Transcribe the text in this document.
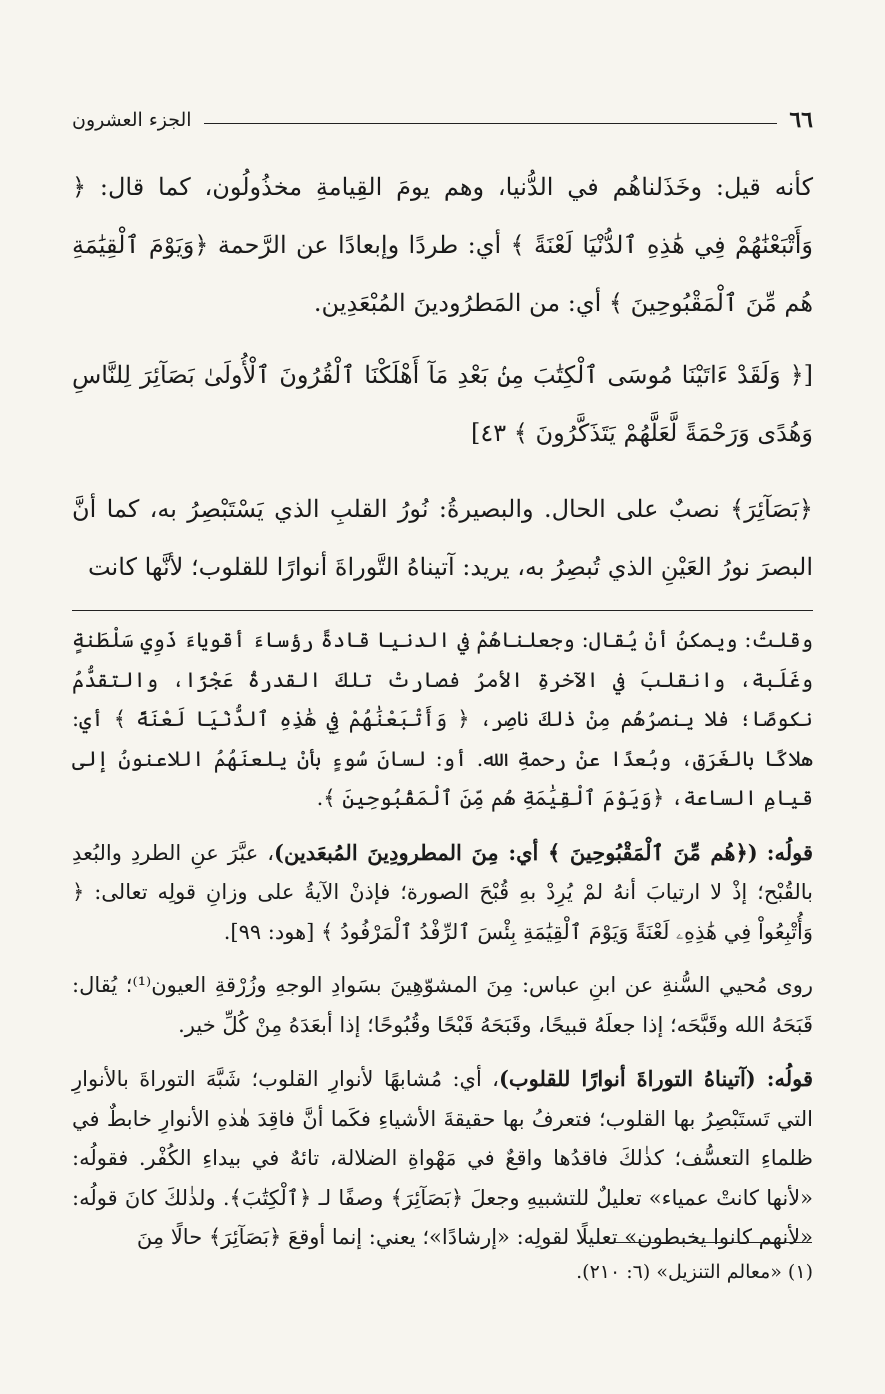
٦٦
الجزء العشرون

كأنه قيل: وخَذَلناهُم في الدُّنيا، وهم يومَ القِيامةِ مخذُولُون، كما قال: ﴿ وَأَتْبَعْنَٰهُمْ فِي هَٰذِهِ ٱلدُّنْيَا لَعْنَةً ﴾ أي: طردًا وإبعادًا عن الرَّحمة ﴿وَيَوْمَ ٱلْقِيَٰمَةِ هُم مِّنَ ٱلْمَقْبُوحِينَ ﴾ أي: من المَطرُودينَ المُبْعَدِين.

[﴿ وَلَقَدْ ءَاتَيْنَا مُوسَى ٱلْكِتَٰبَ مِنۢ بَعْدِ مَآ أَهْلَكْنَا ٱلْقُرُونَ ٱلْأُولَىٰ بَصَآئِرَ لِلنَّاسِ وَهُدًى وَرَحْمَةً لَّعَلَّهُمْ يَتَذَكَّرُونَ ﴾ ٤٣]

﴿بَصَآئِرَ﴾ نصبٌ على الحال. والبصيرةُ: نُورُ القلبِ الذي يَسْتَبْصِرُ به، كما أنَّ البصرَ نورُ العَيْنِ الذي تُبصِرُ به، يريد: آتيناهُ التَّوراةَ أنوارًا للقلوب؛ لأنَّها كانت

وقلتُ: ويمكنُ أنْ يُقال: وجعلناهُمْ في الدنيا قادةً رؤساءَ أقوياءَ ذَوِي سَلْطَنةٍ وغَلَبة، وانقلبَ في الآخرةِ الأمرُ فصارتْ تلكَ القدرةُ عَجْزًا، والتقدُّمُ نكوصًا؛ فلا ينصرُهُم مِنْ ذٰلكَ ناصِر، ﴿ وَأَتْبَعْنَٰهُمْ فِي هَٰذِهِ ٱلدُّنْيَا لَعْنَةً ﴾ أي: هلاكًا بالغَرَق، وبُعدًا عنْ رحمةِ الله. أو: لسانَ سُوءٍ بأنْ يلعنَهُمُ اللاعنونُ إلى قيامِ الساعة، ﴿وَيَوْمَ ٱلْقِيَٰمَةِ هُم مِّنَ ٱلْمَقْبُوحِينَ ﴾.

قولُه: (﴿هُم مِّنَ ٱلْمَقْبُوحِينَ ﴾ أي: مِنَ المطرودِينَ المُبعَدين)، عبَّرَ عنِ الطردِ والبُعدِ بالقُبْح؛ إذْ لا ارتيابَ أنهُ لمْ يُرِدْ بهِ قُبْحَ الصورة؛ فإذنْ الآيةُ على وزانِ قولِه تعالى: ﴿ وَأُتْبِعُواْ فِي هَٰذِهِۦ لَعْنَةً وَيَوْمَ ٱلْقِيَٰمَةِ بِئْسَ ٱلرِّفْدُ ٱلْمَرْفُودُ ﴾ [هود: ٩٩].

روى مُحيي السُّنةِ عن ابنِ عباس: مِنَ المشوّهِينَ بسَوادِ الوجهِ وزُرْقةِ العيون⁽¹⁾؛ يُقال: قَبَحَهُ الله وقَبَّحَه؛ إذا جعلَهُ قبيحًا، وقَبَحَهُ قَبْحًا وقُبُوحًا؛ إذا أبعَدَهُ مِنْ كُلِّ خير.

قولُه: (آتيناهُ التوراةَ أنوارًا للقلوب)، أي: مُشابهًا لأنوارِ القلوب؛ شَبَّهَ التوراةَ بالأنوارِ التي تَستَبْصِرُ بها القلوب؛ فتعرفُ بها حقيقةَ الأشياءِ فكَما أنَّ فاقِدَ هٰذهِ الأنوارِ خابطٌ في ظلماءِ التعسُّف؛ كذٰلكَ فاقدُها واقعٌ في مَهْواةِ الضلالة، تائهٌ في بيداءِ الكُفْر. فقولُه: «لأنها كانتْ عمياء» تعليلٌ للتشبيهِ وجعلَ ﴿بَصَآئِرَ﴾ وصفًا لـ ﴿ٱلْكِتَٰبَ﴾. ولذٰلكَ كانَ قولُه: «لأنهم كانوا يخبطون» تعليلًا لقولِه: «إرشادًا»؛ يعني: إنما أوقعَ ﴿بَصَآئِرَ﴾ حالًا مِنَ

(١) «معالم التنزيل» (٦: ٢١٠).
